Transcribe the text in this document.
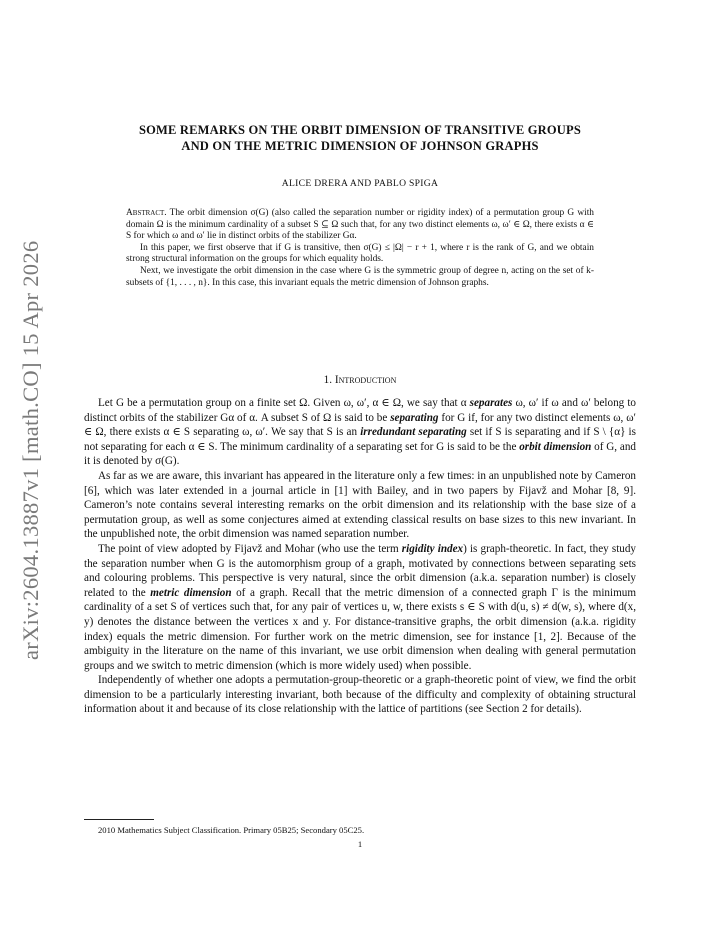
arXiv:2604.13887v1 [math.CO] 15 Apr 2026
SOME REMARKS ON THE ORBIT DIMENSION OF TRANSITIVE GROUPS
AND ON THE METRIC DIMENSION OF JOHNSON GRAPHS
ALICE DRERA AND PABLO SPIGA

Abstract. The orbit dimension σ(G) (also called the separation number or rigidity index) of a permutation group G with domain Ω is the minimum cardinality of a subset S ⊆ Ω such that, for any two distinct elements ω, ω′ ∈ Ω, there exists α ∈ S for which ω and ω′ lie in distinct orbits of the stabilizer Gα.

In this paper, we first observe that if G is transitive, then σ(G) ≤ |Ω| − r + 1, where r is the rank of G, and we obtain strong structural information on the groups for which equality holds.

Next, we investigate the orbit dimension in the case where G is the symmetric group of degree n, acting on the set of k-subsets of {1, . . . , n}. In this case, this invariant equals the metric dimension of Johnson graphs.

1. Introduction

Let G be a permutation group on a finite set Ω. Given ω, ω′, α ∈ Ω, we say that α separates ω, ω′ if ω and ω′ belong to distinct orbits of the stabilizer Gα of α. A subset S of Ω is said to be separating for G if, for any two distinct elements ω, ω′ ∈ Ω, there exists α ∈ S separating ω, ω′. We say that S is an irredundant separating set if S is separating and if S \ {α} is not separating for each α ∈ S. The minimum cardinality of a separating set for G is said to be the orbit dimension of G, and it is denoted by σ(G).

As far as we are aware, this invariant has appeared in the literature only a few times: in an unpublished note by Cameron [6], which was later extended in a journal article in [1] with Bailey, and in two papers by Fijavž and Mohar [8, 9]. Cameron’s note contains several interesting remarks on the orbit dimension and its relationship with the base size of a permutation group, as well as some conjectures aimed at extending classical results on base sizes to this new invariant. In the unpublished note, the orbit dimension was named separation number.

The point of view adopted by Fijavž and Mohar (who use the term rigidity index) is graph-theoretic. In fact, they study the separation number when G is the automorphism group of a graph, motivated by connections between separating sets and colouring problems. This perspective is very natural, since the orbit dimension (a.k.a. separation number) is closely related to the metric dimension of a graph. Recall that the metric dimension of a connected graph Γ is the minimum cardinality of a set S of vertices such that, for any pair of vertices u, w, there exists s ∈ S with d(u, s) ≠ d(w, s), where d(x, y) denotes the distance between the vertices x and y. For distance-transitive graphs, the orbit dimension (a.k.a. rigidity index) equals the metric dimension. For further work on the metric dimension, see for instance [1, 2]. Because of the ambiguity in the literature on the name of this invariant, we use orbit dimension when dealing with general permutation groups and we switch to metric dimension (which is more widely used) when possible.

Independently of whether one adopts a permutation-group-theoretic or a graph-theoretic point of view, we find the orbit dimension to be a particularly interesting invariant, both because of the difficulty and complexity of obtaining structural information about it and because of its close relationship with the lattice of partitions (see Section 2 for details).

2010 Mathematics Subject Classification. Primary 05B25; Secondary 05C25.
1
